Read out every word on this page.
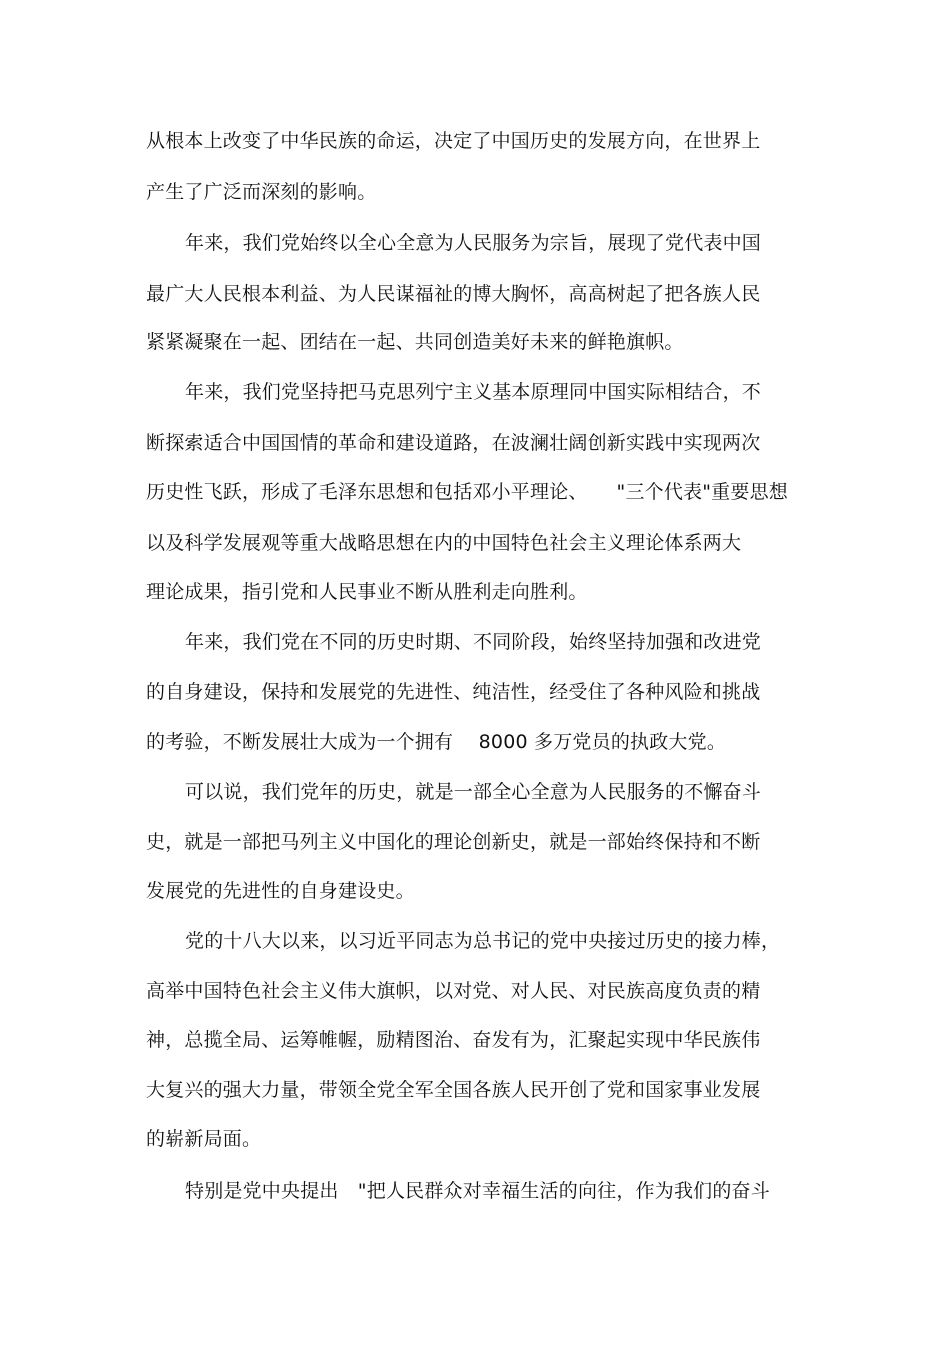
从根本上改变了中华民族的命运，决定了中国历史的发展方向，在世界上
产生了广泛而深刻的影响。
年来，我们党始终以全心全意为人民服务为宗旨，展现了党代表中国
最广大人民根本利益、为人民谋福祉的博大胸怀，高高树起了把各族人民
紧紧凝聚在一起、团结在一起、共同创造美好未来的鲜艳旗帜。
年来，我们党坚持把马克思列宁主义基本原理同中国实际相结合，不
断探索适合中国国情的革命和建设道路，在波澜壮阔创新实践中实现两次
历史性飞跃，形成了毛泽东思想和包括邓小平理论、　　"三个代表"重要思想
以及科学发展观等重大战略思想在内的中国特色社会主义理论体系两大
理论成果，指引党和人民事业不断从胜利走向胜利。
年来，我们党在不同的历史时期、不同阶段，始终坚持加强和改进党
的自身建设，保持和发展党的先进性、纯洁性，经受住了各种风险和挑战
的考验，不断发展壮大成为一个拥有　 8000 多万党员的执政大党。
可以说，我们党年的历史，就是一部全心全意为人民服务的不懈奋斗
史，就是一部把马列主义中国化的理论创新史，就是一部始终保持和不断
发展党的先进性的自身建设史。
党的十八大以来，以习近平同志为总书记的党中央接过历史的接力棒，
高举中国特色社会主义伟大旗帜，以对党、对人民、对民族高度负责的精
神，总揽全局、运筹帷幄，励精图治、奋发有为，汇聚起实现中华民族伟
大复兴的强大力量，带领全党全军全国各族人民开创了党和国家事业发展
的崭新局面。
特别是党中央提出　"把人民群众对幸福生活的向往，作为我们的奋斗
